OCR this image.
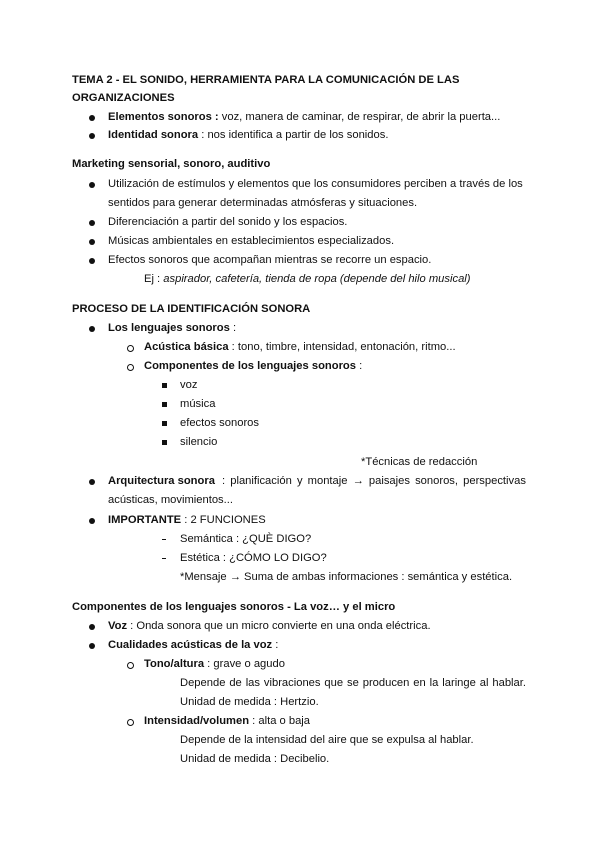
TEMA 2 - EL SONIDO, HERRAMIENTA PARA LA COMUNICACIÓN DE LAS
ORGANIZACIONES
Elementos sonoros : voz, manera de caminar, de respirar, de abrir la puerta...
Identidad sonora : nos identifica a partir de los sonidos.
Marketing sensorial, sonoro, auditivo
Utilización de estímulos y elementos que los consumidores perciben a través de los
sentidos para generar determinadas atmósferas y situaciones.
Diferenciación a partir del sonido y los espacios.
Músicas ambientales en establecimientos especializados.
Efectos sonoros que acompañan mientras se recorre un espacio.
Ej : aspirador, cafetería, tienda de ropa (depende del hilo musical)
PROCESO DE LA IDENTIFICACIÓN SONORA
Los lenguajes sonoros :
Acústica básica : tono, timbre, intensidad, entonación, ritmo...
Componentes de los lenguajes sonoros :
voz
música
efectos sonoros
silencio
*Técnicas de redacción
Arquitectura sonora : planificación y montaje → paisajes sonoros, perspectivas
acústicas, movimientos...
IMPORTANTE : 2 FUNCIONES
Semántica : ¿QUÈ DIGO?
Estética : ¿CÓMO LO DIGO?
*Mensaje → Suma de ambas informaciones : semántica y estética.
Componentes de los lenguajes sonoros - La voz… y el micro
Voz : Onda sonora que un micro convierte en una onda eléctrica.
Cualidades acústicas de la voz :
Tono/altura : grave o agudo
Depende de las vibraciones que se producen en la laringe al hablar.
Unidad de medida : Hertzio.
Intensidad/volumen : alta o baja
Depende de la intensidad del aire que se expulsa al hablar.
Unidad de medida : Decibelio.
